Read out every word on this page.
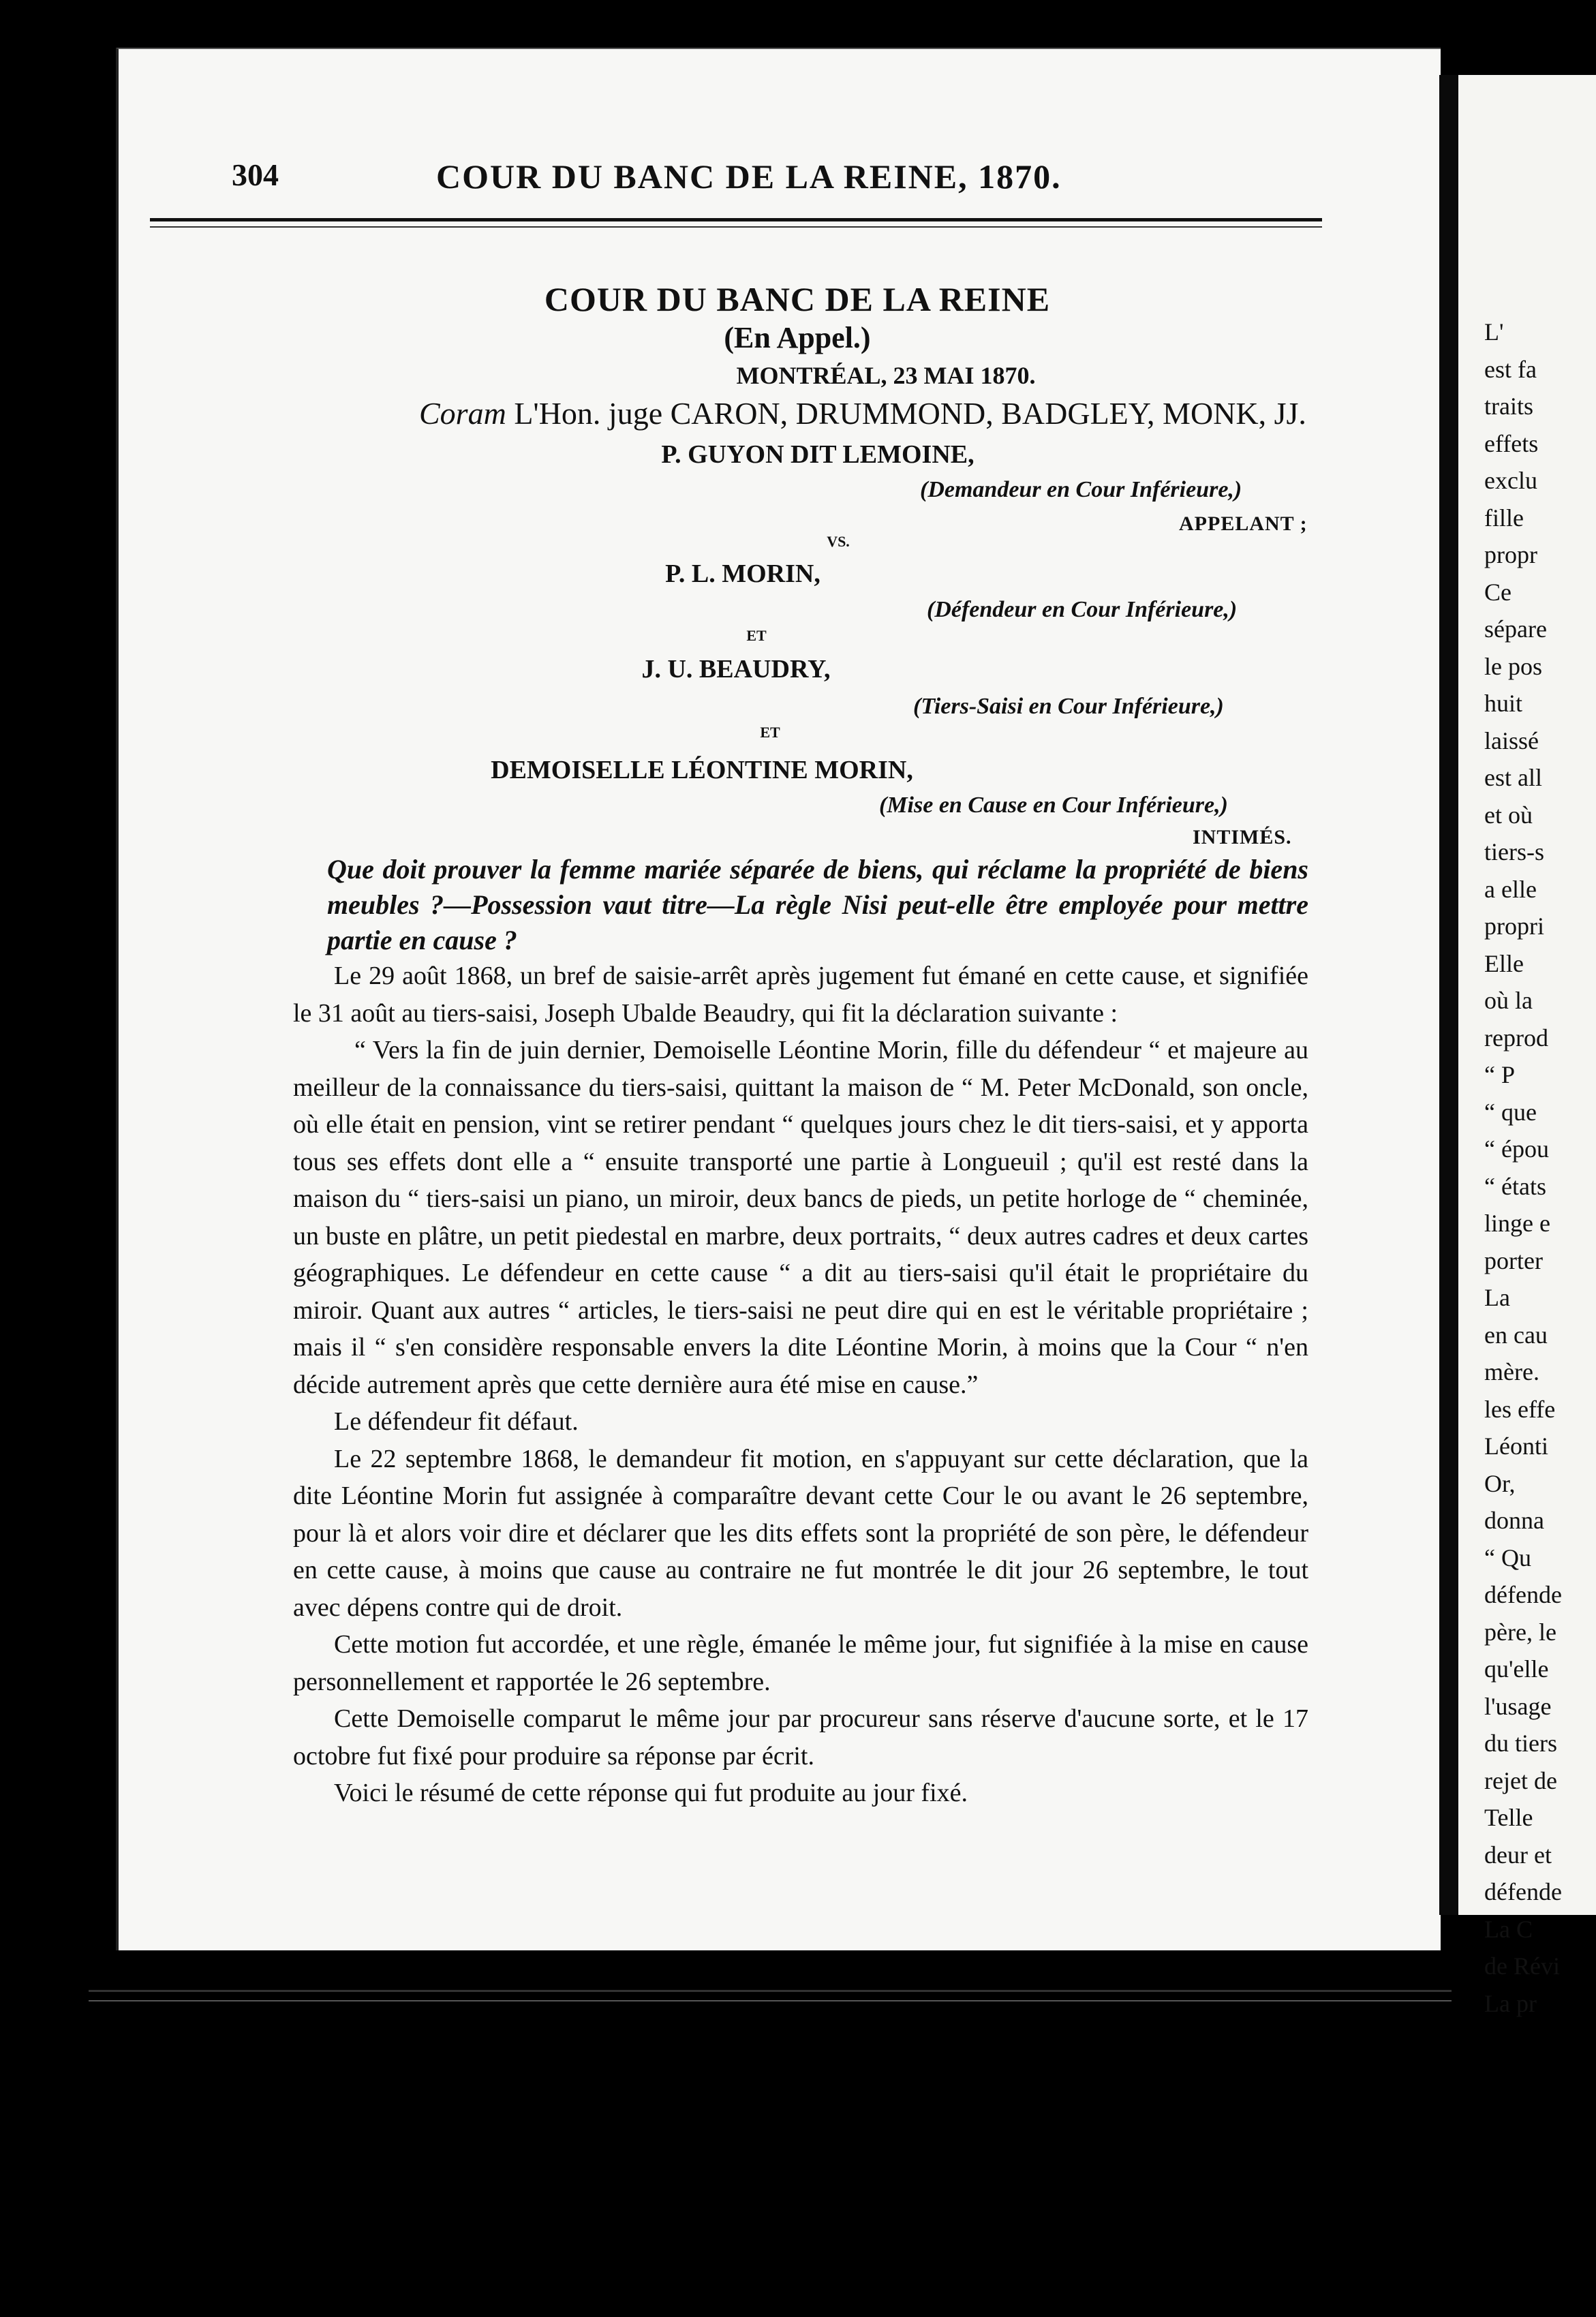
304	COUR DU BANC DE LA REINE, 1870.
COUR DU BANC DE LA REINE
(En Appel.)
MONTRÉAL, 23 MAI 1870.
Coram L'Hon. juge CARON, DRUMMOND, BADGLEY, MONK, JJ.
P. GUYON DIT LEMOINE,
(Demandeur en Cour Inférieure,)
APPELANT ;
VS.
P. L. MORIN,
(Défendeur en Cour Inférieure,)
ET
J. U. BEAUDRY,
(Tiers-Saisi en Cour Inférieure,)
ET
DEMOISELLE LÉONTINE MORIN,
(Mise en Cause en Cour Inférieure,)
INTIMÉS.
Que doit prouver la femme mariée séparée de biens, qui réclame la propriété de biens meubles ?—Possession vaut titre—La règle Nisi peut-elle être employée pour mettre partie en cause ?

Le 29 août 1868, un bref de saisie-arrêt après jugement fut émané en cette cause, et signifiée le 31 août au tiers-saisi, Joseph Ubalde Beaudry, qui fit la déclaration suivante :

“ Vers la fin de juin dernier, Demoiselle Léontine Morin, fille du défendeur “ et majeure au meilleur de la connaissance du tiers-saisi, quittant la maison de “ M. Peter McDonald, son oncle, où elle était en pension, vint se retirer pendant “ quelques jours chez le dit tiers-saisi, et y apporta tous ses effets dont elle a “ ensuite transporté une partie à Longueuil ; qu'il est resté dans la maison du “ tiers-saisi un piano, un miroir, deux bancs de pieds, un petite horloge de “ cheminée, un buste en plâtre, un petit piedestal en marbre, deux portraits, “ deux autres cadres et deux cartes géographiques. Le défendeur en cette cause “ a dit au tiers-saisi qu'il était le propriétaire du miroir. Quant aux autres “ articles, le tiers-saisi ne peut dire qui en est le véritable propriétaire ; mais il “ s'en considère responsable envers la dite Léontine Morin, à moins que la Cour “ n'en décide autrement après que cette dernière aura été mise en cause.”

Le défendeur fit défaut.

Le 22 septembre 1868, le demandeur fit motion, en s'appuyant sur cette déclaration, que la dite Léontine Morin fut assignée à comparaître devant cette Cour le ou avant le 26 septembre, pour là et alors voir dire et déclarer que les dits effets sont la propriété de son père, le défendeur en cette cause, à moins que cause au contraire ne fut montrée le dit jour 26 septembre, le tout avec dépens contre qui de droit.

Cette motion fut accordée, et une règle, émanée le même jour, fut signifiée à la mise en cause personnellement et rapportée le 26 septembre.

Cette Demoiselle comparut le même jour par procureur sans réserve d'aucune sorte, et le 17 octobre fut fixé pour produire sa réponse par écrit.

Voici le résumé de cette réponse qui fut produite au jour fixé.

L'
est fa
traits
effets
exclu
fille
propr
Ce
sépare
le pos
huit
laissé
est all
et où
tiers-s
a elle
propri
Elle
où la
reprod
“ P
“ que
“ épou
“ états
linge e
porter
La
en cau
mère.
les effe
Léonti
Or,
donna
“ Qu
défende
père, le
qu'elle
l'usage
du tiers
rejet de
Telle
deur et
défende
La C
de Révi
La pr
